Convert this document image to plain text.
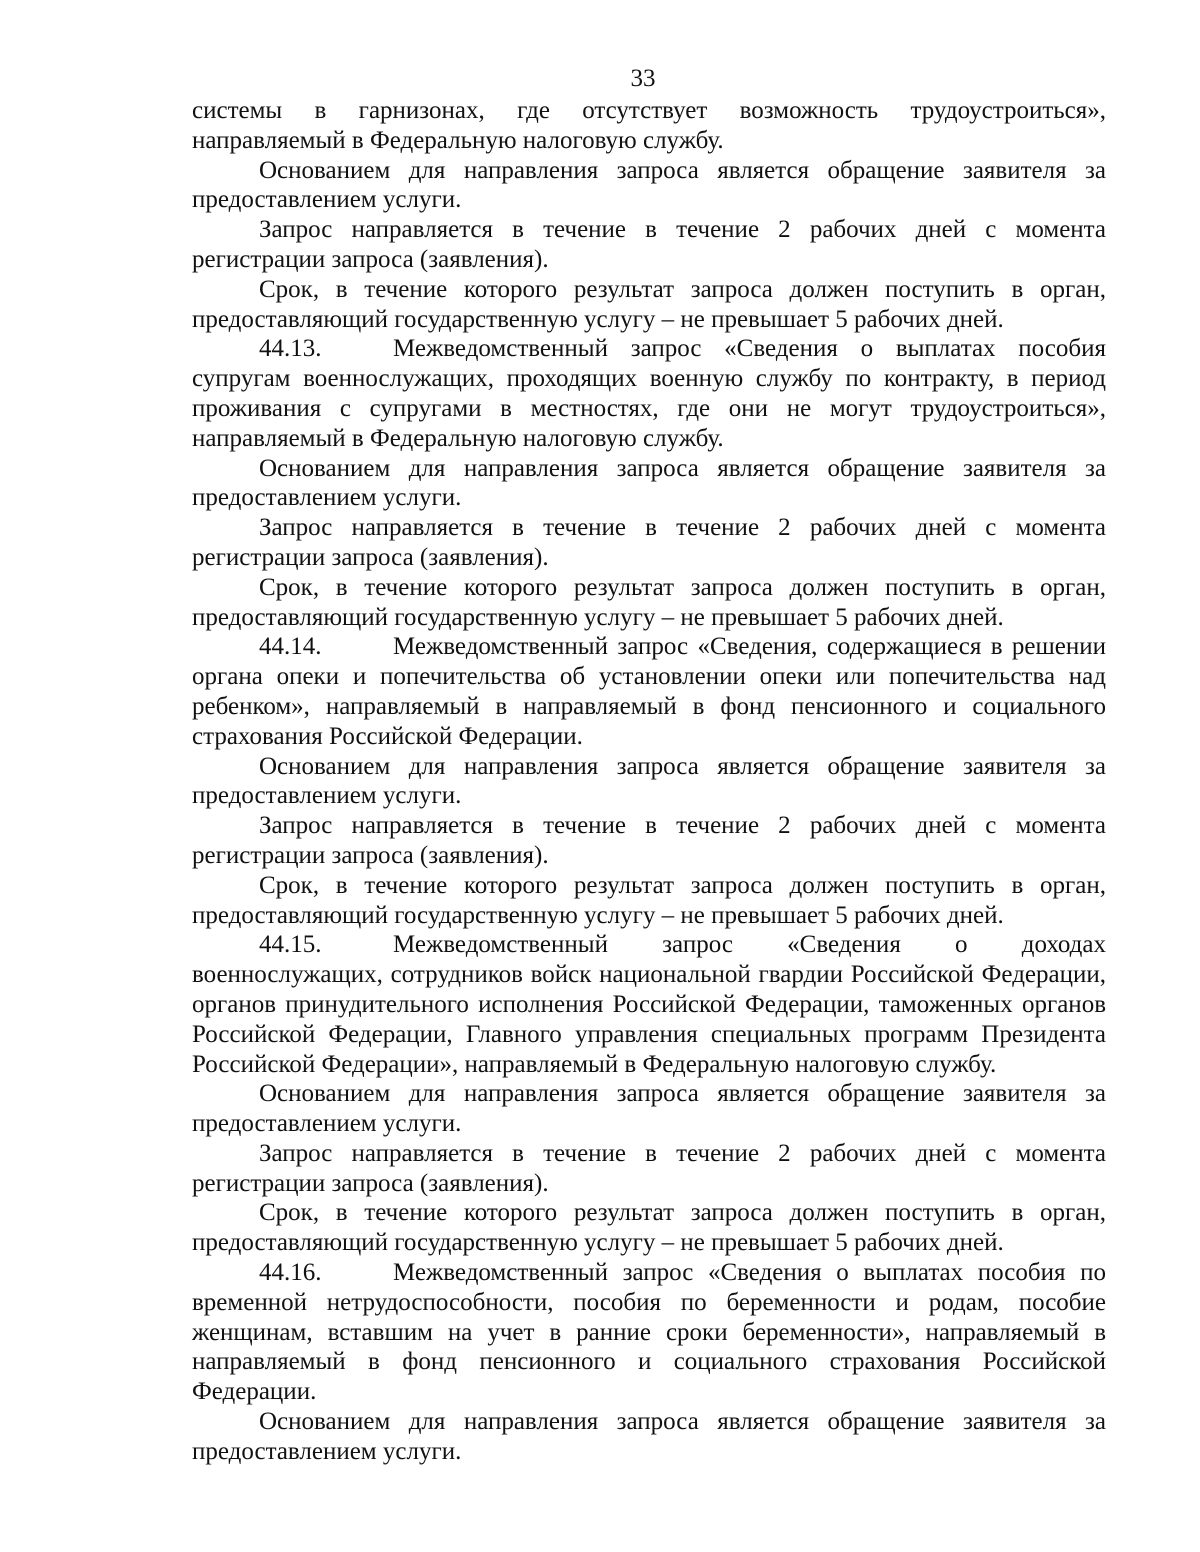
33

системы в гарнизонах, где отсутствует возможность трудоустроиться», направляемый в Федеральную налоговую службу.

Основанием для направления запроса является обращение заявителя за предоставлением услуги.

Запрос направляется в течение в течение 2 рабочих дней с момента регистрации запроса (заявления).

Срок, в течение которого результат запроса должен поступить в орган, предоставляющий государственную услугу – не превышает 5 рабочих дней.

44.13.	Межведомственный запрос «Сведения о выплатах пособия супругам военнослужащих, проходящих военную службу по контракту, в период проживания с супругами в местностях, где они не могут трудоустроиться», направляемый в Федеральную налоговую службу.

Основанием для направления запроса является обращение заявителя за предоставлением услуги.

Запрос направляется в течение в течение 2 рабочих дней с момента регистрации запроса (заявления).

Срок, в течение которого результат запроса должен поступить в орган, предоставляющий государственную услугу – не превышает 5 рабочих дней.

44.14.	Межведомственный запрос «Сведения, содержащиеся в решении органа опеки и попечительства об установлении опеки или попечительства над ребенком», направляемый в направляемый в фонд пенсионного и социального страхования Российской Федерации.

Основанием для направления запроса является обращение заявителя за предоставлением услуги.

Запрос направляется в течение в течение 2 рабочих дней с момента регистрации запроса (заявления).

Срок, в течение которого результат запроса должен поступить в орган, предоставляющий государственную услугу – не превышает 5 рабочих дней.

44.15.	Межведомственный запрос «Сведения о доходах военнослужащих, сотрудников войск национальной гвардии Российской Федерации, органов принудительного исполнения Российской Федерации, таможенных органов Российской Федерации, Главного управления специальных программ Президента Российской Федерации», направляемый в Федеральную налоговую службу.

Основанием для направления запроса является обращение заявителя за предоставлением услуги.

Запрос направляется в течение в течение 2 рабочих дней с момента регистрации запроса (заявления).

Срок, в течение которого результат запроса должен поступить в орган, предоставляющий государственную услугу – не превышает 5 рабочих дней.

44.16.	Межведомственный запрос «Сведения о выплатах пособия по временной нетрудоспособности, пособия по беременности и родам, пособие женщинам, вставшим на учет в ранние сроки беременности», направляемый в направляемый в фонд пенсионного и социального страхования Российской Федерации.

Основанием для направления запроса является обращение заявителя за предоставлением услуги.
